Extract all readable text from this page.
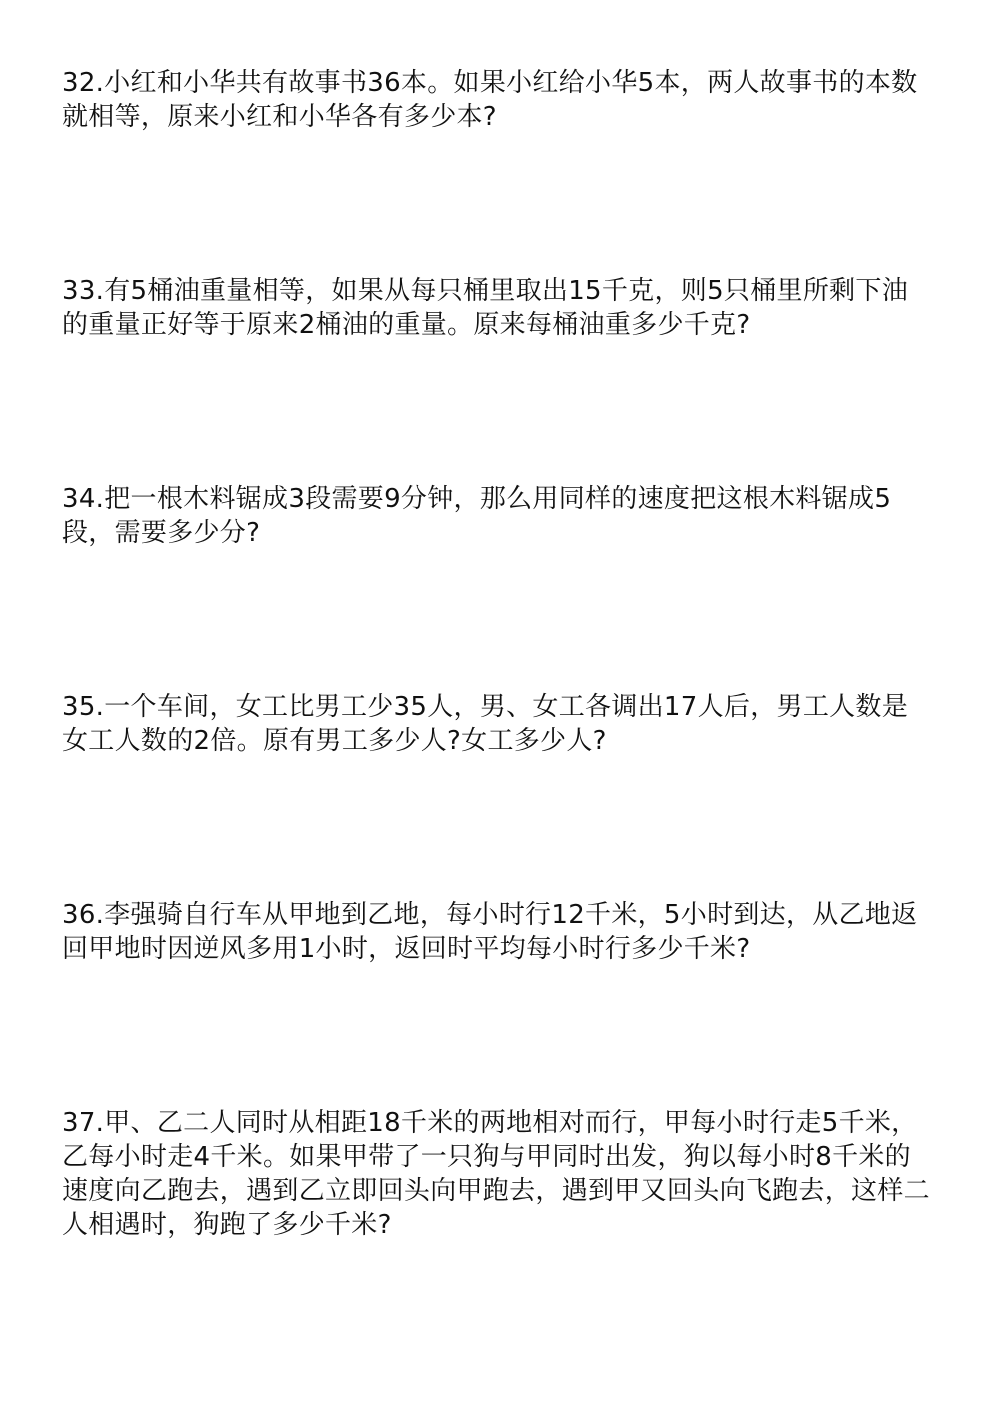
32.小红和小华共有故事书36本。如果小红给小华5本，两人故事书的本数就相等，原来小红和小华各有多少本?

33.有5桶油重量相等，如果从每只桶里取出15千克，则5只桶里所剩下油的重量正好等于原来2桶油的重量。原来每桶油重多少千克?

34.把一根木料锯成3段需要9分钟，那么用同样的速度把这根木料锯成5段，需要多少分?

35.一个车间，女工比男工少35人，男、女工各调出17人后，男工人数是女工人数的2倍。原有男工多少人?女工多少人?

36.李强骑自行车从甲地到乙地，每小时行12千米，5小时到达，从乙地返回甲地时因逆风多用1小时，返回时平均每小时行多少千米?

37.甲、乙二人同时从相距18千米的两地相对而行，甲每小时行走5千米，乙每小时走4千米。如果甲带了一只狗与甲同时出发，狗以每小时8千米的速度向乙跑去，遇到乙立即回头向甲跑去，遇到甲又回头向飞跑去，这样二人相遇时，狗跑了多少千米?
